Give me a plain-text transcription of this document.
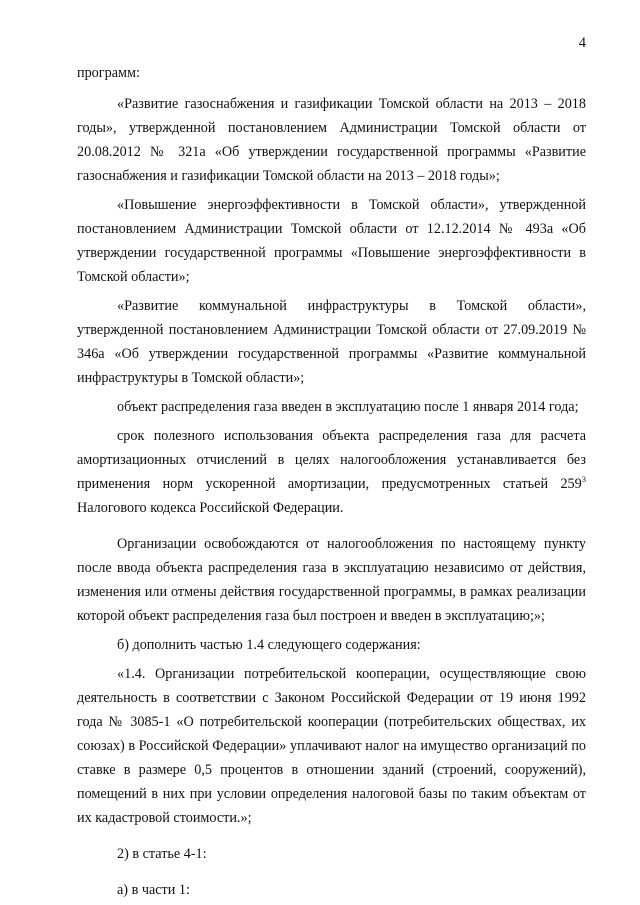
4

программ:

«Развитие газоснабжения и газификации Томской области на 2013 – 2018 годы», утвержденной постановлением Администрации Томской области от 20.08.2012 № 321а «Об утверждении государственной программы «Развитие газоснабжения и газификации Томской области на 2013 – 2018 годы»;

«Повышение энергоэффективности в Томской области», утвержденной постановлением Администрации Томской области от 12.12.2014 № 493а «Об утверждении государственной программы «Повышение энергоэффективности в Томской области»;

«Развитие коммунальной инфраструктуры в Томской области», утвержденной постановлением Администрации Томской области от 27.09.2019 № 346а «Об утверждении государственной программы «Развитие коммунальной инфраструктуры в Томской области»;

объект распределения газа введен в эксплуатацию после 1 января 2014 года;

срок полезного использования объекта распределения газа для расчета амортизационных отчислений в целях налогообложения устанавливается без применения норм ускоренной амортизации, предусмотренных статьей $259^3$ Налогового кодекса Российской Федерации.

Организации освобождаются от налогообложения по настоящему пункту после ввода объекта распределения газа в эксплуатацию независимо от действия, изменения или отмены действия государственной программы, в рамках реализации которой объект распределения газа был построен и введен в эксплуатацию;»;

б) дополнить частью 1.4 следующего содержания:

«1.4. Организации потребительской кооперации, осуществляющие свою деятельность в соответствии с Законом Российской Федерации от 19 июня 1992 года № 3085-1 «О потребительской кооперации (потребительских обществах, их союзах) в Российской Федерации» уплачивают налог на имущество организаций по ставке в размере 0,5 процентов в отношении зданий (строений, сооружений), помещений в них при условии определения налоговой базы по таким объектам от их кадастровой стоимости.»;

2) в статье 4-1:

а) в части 1:
